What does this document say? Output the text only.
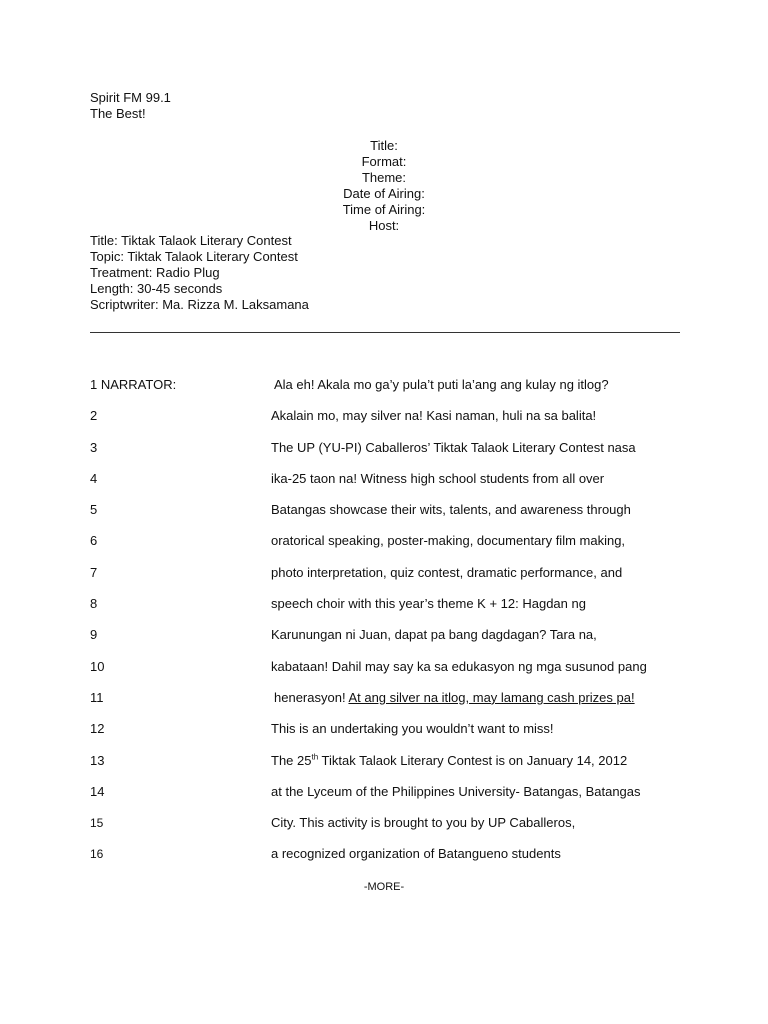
Spirit FM 99.1
The Best!
Title:
Format:
Theme:
Date of Airing:
Time of Airing:
Host:
Title: Tiktak Talaok Literary Contest
Topic: Tiktak Talaok Literary Contest
Treatment: Radio Plug
Length: 30-45 seconds
Scriptwriter: Ma. Rizza M. Laksamana
1 NARRATOR:	Ala eh! Akala mo ga’y pula’t puti la’ang ang kulay ng itlog?
2	Akalain mo, may silver na! Kasi naman, huli na sa balita!
3	The UP (YU-PI) Caballeros’ Tiktak Talaok Literary Contest nasa
4	ika-25 taon na! Witness high school students from all over
5	Batangas showcase their wits, talents, and awareness through
6	oratorical speaking, poster-making, documentary film making,
7	photo interpretation, quiz contest, dramatic performance, and
8	speech choir with this year’s theme K + 12: Hagdan ng
9	Karunungan ni Juan, dapat pa bang dagdagan? Tara na,
10	kabataan! Dahil may say ka sa edukasyon ng mga susunod pang
11	henerasyon! At ang silver na itlog, may lamang cash prizes pa!
12	This is an undertaking you wouldn’t want to miss!
13	The 25th Tiktak Talaok Literary Contest is on January 14, 2012
14	at the Lyceum of the Philippines University- Batangas, Batangas
15	City. This activity is brought to you by UP Caballeros,
16	a recognized organization of Batangueno students
-MORE-
